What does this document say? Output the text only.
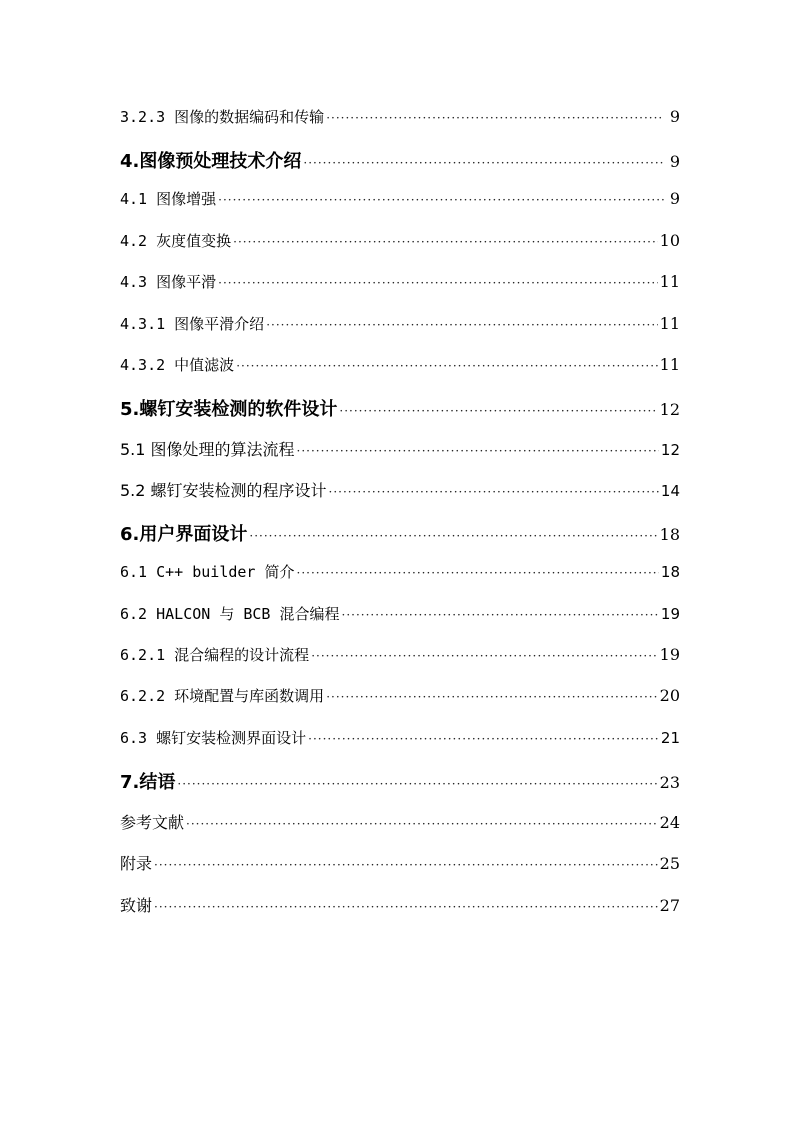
3.2.3 图像的数据编码和传输 ·····	9
4.图像预处理技术介绍 ·····	9
4.1 图像增强 ·····	9
4.2 灰度值变换 ·····	10
4.3 图像平滑 ·····	11
4.3.1 图像平滑介绍 ·····	11
4.3.2 中值滤波 ·····	11
5.螺钉安装检测的软件设计 ·····	12
5.1 图像处理的算法流程 ·····	12
5.2 螺钉安装检测的程序设计 ·····	14
6.用户界面设计 ·····	18
6.1 C++ builder 简介 ·····	18
6.2 HALCON 与 BCB 混合编程 ·····	19
6.2.1 混合编程的设计流程 ·····	19
6.2.2 环境配置与库函数调用 ·····	20
6.3 螺钉安装检测界面设计 ·····	21
7.结语 ·····	23
参考文献 ·····	24
附录 ·····	25
致谢 ·····	27
